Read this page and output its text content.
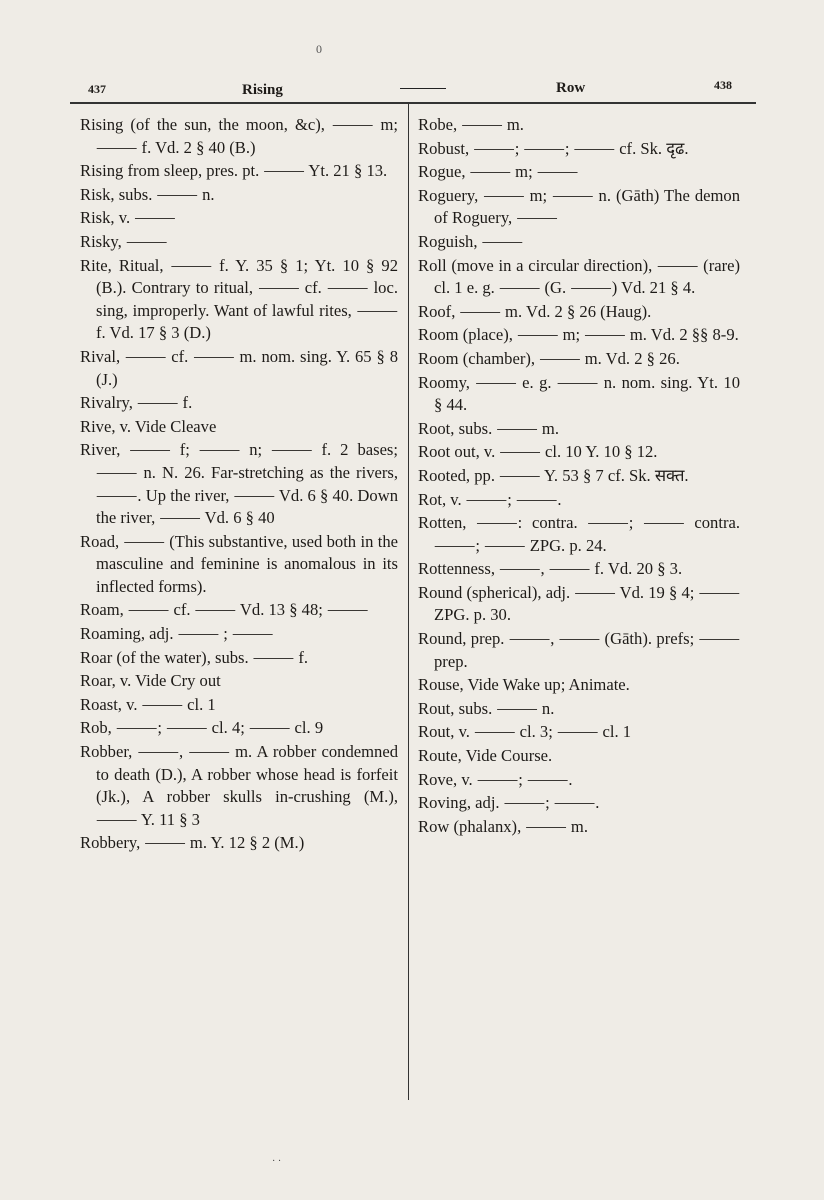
0
437	Rising	Row	438

Rising (of the sun, the moon, &c), ⸻ m; ⸻ f. Vd. 2 § 40 (B.)

Rising from sleep, pres. pt. ⸻ Yt. 21 § 13.

Risk, subs. ⸻ n.

Risk, v. ⸻

Risky, ⸻

Rite, Ritual, ⸻ f. Y. 35 § 1; Yt. 10 § 92 (B.). Contrary to ritual, ⸻ cf. ⸻ loc. sing, improperly. Want of lawful rites, ⸻ f. Vd. 17 § 3 (D.)

Rival, ⸻ cf. ⸻ m. nom. sing. Y. 65 § 8 (J.)

Rivalry, ⸻ f.

Rive, v. Vide Cleave

River, ⸻ f; ⸻ n; ⸻ f. 2 bases; ⸻ n. N. 26. Far-stretching as the rivers, ⸻. Up the river, ⸻ Vd. 6 § 40. Down the river, ⸻ Vd. 6 § 40

Road, ⸻ (This substantive, used both in the masculine and feminine is anomalous in its inflected forms).

Roam, ⸻ cf. ⸻ Vd. 13 § 48; ⸻

Roaming, adj. ⸻ ; ⸻

Roar (of the water), subs. ⸻ f.

Roar, v. Vide Cry out

Roast, v. ⸻ cl. 1

Rob, ⸻; ⸻ cl. 4; ⸻ cl. 9

Robber, ⸻, ⸻ m. A robber condemned to death (D.), A robber whose head is forfeit (Jk.), A robber skulls in-crushing (M.), ⸻ Y. 11 § 3

Robbery, ⸻ m. Y. 12 § 2 (M.)

Robe, ⸻ m.

Robust, ⸻; ⸻; ⸻ cf. Sk. दृढ.

Rogue, ⸻ m; ⸻

Roguery, ⸻ m; ⸻ n. (Gāth) The demon of Roguery, ⸻

Roguish, ⸻

Roll (move in a circular direction), ⸻ (rare) cl. 1 e. g. ⸻ (G. ⸻) Vd. 21 § 4.

Roof, ⸻ m. Vd. 2 § 26 (Haug).

Room (place), ⸻ m; ⸻ m. Vd. 2 §§ 8-9.

Room (chamber), ⸻ m. Vd. 2 § 26.

Roomy, ⸻ e. g. ⸻ n. nom. sing. Yt. 10 § 44.

Root, subs. ⸻ m.

Root out, v. ⸻ cl. 10 Y. 10 § 12.

Rooted, pp. ⸻ Y. 53 § 7 cf. Sk. सक्त.

Rot, v. ⸻; ⸻.

Rotten, ⸻: contra. ⸻; ⸻ contra. ⸻; ⸻ ZPG. p. 24.

Rottenness, ⸻, ⸻ f. Vd. 20 § 3.

Round (spherical), adj. ⸻ Vd. 19 § 4; ⸻ ZPG. p. 30.

Round, prep. ⸻, ⸻ (Gāth). prefs; ⸻ prep.

Rouse, Vide Wake up; Animate.

Rout, subs. ⸻ n.

Rout, v. ⸻ cl. 3; ⸻ cl. 1

Route, Vide Course.

Rove, v. ⸻; ⸻.

Roving, adj. ⸻; ⸻.

Row (phalanx), ⸻ m.

· ·
